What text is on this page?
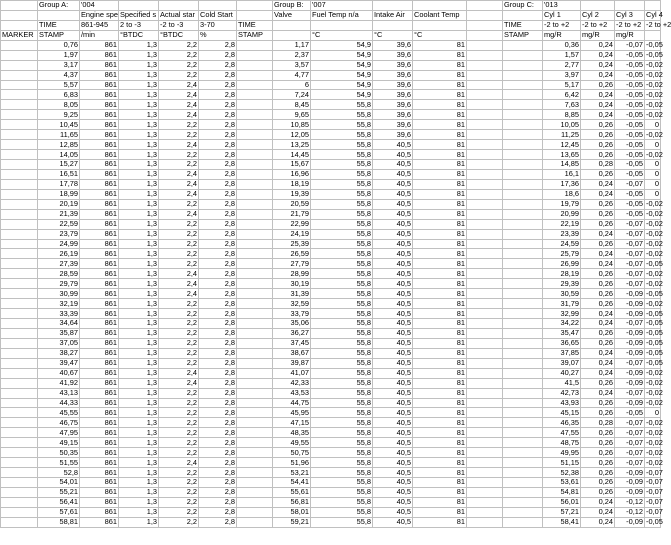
	Group A:	'004					Group B:	'007				Group C:	'013			
		Engine spe	Specified s	Actual star	Cold Start		Valve	Fuel Temp n/a	Intake Air	Coolant Temp			Cyl 1	Cyl 2	Cyl 3	Cyl 4
	TIME	861-945	2 to -3	-2 to -3	3-70	TIME						TIME	-2 to +2	-2 to +2	-2 to +2	-2 to +2
MARKER	STAMP	/min	°BTDC	°BTDC	%	STAMP		°C	°C	°C		STAMP	mg/R	mg/R	mg/R	
	0,76	861	1,3	2,2	2,8		1,17	54,9	39,6	81			0,36	0,24	-0,07	-0,05
	1,97	861	1,3	2,2	2,8		2,37	54,9	39,6	81			1,57	0,24	-0,05	-0,05
	3,17	861	1,3	2,2	2,8		3,57	54,9	39,6	81			2,77	0,24	-0,05	-0,02
	4,37	861	1,3	2,2	2,8		4,77	54,9	39,6	81			3,97	0,24	-0,05	-0,02
	5,57	861	1,3	2,4	2,8		6	54,9	39,6	81			5,17	0,26	-0,05	-0,02
	6,83	861	1,3	2,4	2,8		7,24	54,9	39,6	81			6,42	0,24	-0,05	-0,02
	8,05	861	1,3	2,4	2,8		8,45	55,8	39,6	81			7,63	0,24	-0,05	-0,02
	9,25	861	1,3	2,4	2,8		9,65	55,8	39,6	81			8,85	0,24	-0,05	-0,02
	10,45	861	1,3	2,2	2,8		10,85	55,8	39,6	81			10,05	0,26	-0,05	0
	11,65	861	1,3	2,2	2,8		12,05	55,8	39,6	81			11,25	0,26	-0,05	-0,02
	12,85	861	1,3	2,4	2,8		13,25	55,8	40,5	81			12,45	0,26	-0,05	0
	14,05	861	1,3	2,2	2,8		14,45	55,8	40,5	81			13,65	0,26	-0,05	-0,02
	15,27	861	1,3	2,2	2,8		15,67	55,8	40,5	81			14,85	0,28	-0,05	0
	16,51	861	1,3	2,4	2,8		16,96	55,8	40,5	81			16,1	0,26	-0,05	0
	17,78	861	1,3	2,4	2,8		18,19	55,8	40,5	81			17,36	0,24	-0,07	0
	18,99	861	1,3	2,4	2,8		19,39	55,8	40,5	81			18,6	0,24	-0,05	0
	20,19	861	1,3	2,2	2,8		20,59	55,8	40,5	81			19,79	0,26	-0,05	-0,02
	21,39	861	1,3	2,4	2,8		21,79	55,8	40,5	81			20,99	0,26	-0,05	-0,02
	22,59	861	1,3	2,2	2,8		22,99	55,8	40,5	81			22,19	0,26	-0,07	-0,02
	23,79	861	1,3	2,2	2,8		24,19	55,8	40,5	81			23,39	0,24	-0,07	-0,02
	24,99	861	1,3	2,2	2,8		25,39	55,8	40,5	81			24,59	0,26	-0,07	-0,02
	26,19	861	1,3	2,2	2,8		26,59	55,8	40,5	81			25,79	0,24	-0,07	-0,02
	27,39	861	1,3	2,2	2,8		27,79	55,8	40,5	81			26,99	0,24	-0,07	-0,05
	28,59	861	1,3	2,4	2,8		28,99	55,8	40,5	81			28,19	0,26	-0,07	-0,02
	29,79	861	1,3	2,4	2,8		30,19	55,8	40,5	81			29,39	0,26	-0,07	-0,02
	30,99	861	1,3	2,4	2,8		31,39	55,8	40,5	81			30,59	0,26	-0,09	-0,05
	32,19	861	1,3	2,2	2,8		32,59	55,8	40,5	81			31,79	0,26	-0,09	-0,02
	33,39	861	1,3	2,2	2,8		33,79	55,8	40,5	81			32,99	0,24	-0,09	-0,05
	34,64	861	1,3	2,2	2,8		35,06	55,8	40,5	81			34,22	0,24	-0,07	-0,05
	35,87	861	1,3	2,2	2,8		36,27	55,8	40,5	81			35,47	0,26	-0,09	-0,05
	37,05	861	1,3	2,2	2,8		37,45	55,8	40,5	81			36,65	0,26	-0,09	-0,05
	38,27	861	1,3	2,2	2,8		38,67	55,8	40,5	81			37,85	0,24	-0,09	-0,05
	39,47	861	1,3	2,2	2,8		39,87	55,8	40,5	81			39,07	0,24	-0,07	-0,05
	40,67	861	1,3	2,4	2,8		41,07	55,8	40,5	81			40,27	0,24	-0,09	-0,02
	41,92	861	1,3	2,4	2,8		42,33	55,8	40,5	81			41,5	0,26	-0,09	-0,02
	43,13	861	1,3	2,2	2,8		43,53	55,8	40,5	81			42,73	0,24	-0,07	-0,02
	44,33	861	1,3	2,2	2,8		44,75	55,8	40,5	81			43,93	0,26	-0,09	-0,02
	45,55	861	1,3	2,2	2,8		45,95	55,8	40,5	81			45,15	0,26	-0,05	0
	46,75	861	1,3	2,2	2,8		47,15	55,8	40,5	81			46,35	0,28	-0,07	-0,02
	47,95	861	1,3	2,2	2,8		48,35	55,8	40,5	81			47,55	0,26	-0,07	-0,02
	49,15	861	1,3	2,2	2,8		49,55	55,8	40,5	81			48,75	0,26	-0,07	-0,02
	50,35	861	1,3	2,2	2,8		50,75	55,8	40,5	81			49,95	0,26	-0,07	-0,02
	51,55	861	1,3	2,4	2,8		51,96	55,8	40,5	81			51,15	0,26	-0,07	-0,02
	52,8	861	1,3	2,2	2,8		53,21	55,8	40,5	81			52,38	0,26	-0,09	-0,07
	54,01	861	1,3	2,2	2,8		54,41	55,8	40,5	81			53,61	0,26	-0,09	-0,07
	55,21	861	1,3	2,2	2,8		55,61	55,8	40,5	81			54,81	0,26	-0,09	-0,07
	56,41	861	1,3	2,2	2,8		56,81	55,8	40,5	81			56,01	0,24	-0,12	-0,07
	57,61	861	1,3	2,2	2,8		58,01	55,8	40,5	81			57,21	0,24	-0,12	-0,07
	58,81	861	1,3	2,2	2,8		59,21	55,8	40,5	81			58,41	0,24	-0,09	-0,05
